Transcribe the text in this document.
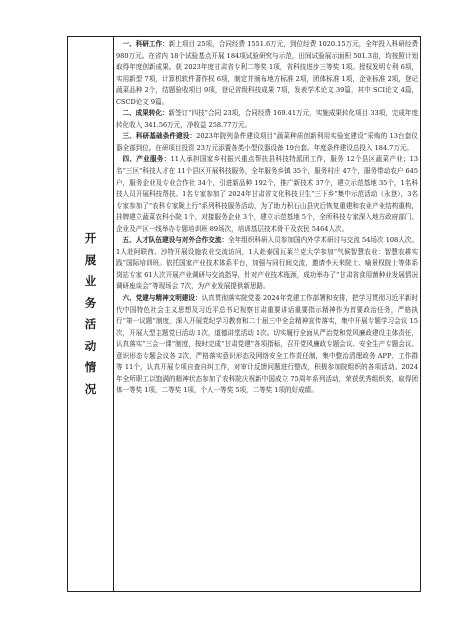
开
展
业
务
活
动
情
况

一、科研工作：新上项目 25项，合同经费 1551.6万元，到位经费 1020.15万元，全年投入科研经费 980万元。在省内 18个试验基点开展 184项试验研究与示范，田间试验展示面积 501.3亩，均按照计划取得年度创新成果。获 2023年度甘肃省专利二等奖 1项，省科技进步三等奖 1项。授权发明专利 6项，实用新型 7项，计算机软件著作权 6项，制定并颁布地方标准 2项，团体标准 1项，企业标准 2项，登记蔬菜品种 2个，结题验收项目 9项，登记省级科技成果 7项，发表学术论文 39篇，其中 SCI论文 4篇，CSCD论文 9篇。

二、成果转化：新签订“四技”合同 23项，合同经费 169.41万元，实施成果转化项目 33项，完成年度转化收入 341.56万元，净收益 258.77万元。

三、科研基础条件建设：2023年院列条件建设项目“蔬菜种质创新利用实验室建设”采购的 13台套仪器全部到位。在研项目投资 23万元添置各类小型仪器设备 19台套。年度条件建设总投入 184.7万元。

四、产业服务：11人承担国家乡村振兴重点帮扶县科技特派团工作，服务 12个县区蔬菜产业；13名“三区”科技人才在 11个县区开展科技服务，全年服务乡镇 35个，服务村庄 47个，服务带动农户 645户，服务企业及专业合作社 34个，引进新品种 192个，推广新技术 37个，建立示范基地 35个，1名科技人员开展科技帮扶。1名专家参加了 2024年甘肃省文化科技卫生“三下乡”集中示范活动（永登），3名专家参加了“农科专家陇上行”系列科技服务活动，为了助力积石山县灾后恢复重建和农业产业结构重构，挂牌建立蔬菜农科小院 1个，对接服务企业 3个，建立示范基地 5个，全所科技专家深入地方政府部门、企业及产区一线举办专题培训班 89场次，培训基层技术骨干及农民 5464人次。

五、人才队伍建设与对外合作交流：全年组织科研人员参加国内外学术研讨与交流 54场次 108人次。1人赴阿联酋、沙特开展设施农业交流访问，1人赴泰国瓦莱兰克大学参加“气候智慧农业：智慧农耕实践”国际培训班。依托国家产业技术体系平台，加强与同行间交流，邀请李天来院士、喻景权院士等体系岗站专家 61人次开展产业调研与交流指导，针对产业技术瓶颈，成功举办了“甘肃省食用菌种业发展情况调研座谈会”等现场会 7次，为产业发展提供新思路。

六、党建与精神文明建设：认真贯彻落实院党委 2024年党建工作部署和安排，把学习贯彻习近平新时代中国特色社会主义思想及习近平总书记视察甘肃重要讲话重要指示精神作为首要政治任务，严格执行“第一议题”制度，深入开展党纪学习教育和二十届三中全会精神宣传落实，集中开展专题学习会议 15次，开展大型主题党日活动 1次，道德讲堂活动 1次。切实履行全面从严治党和党风廉政建设主体责任，认真落实“三会一课”制度，按时完成“甘肃党建”各项指标，召开党风廉政专题会议、安全生产专题会议、意识形态专题会议各 2次，严格落实意识形态及网络安全工作责任制，集中整治清理政务 APP、工作群等 11个，认真开展专项自查自纠工作，对审计反馈问题进行整改，积极参加院组织的各项活动。2024年全所职工以饱满的精神状态参加了农科院庆祝新中国成立 75周年系列活动，荣获优秀组织奖，取得团体一等奖 1项，二等奖 1项，个人一等奖 5项，二等奖 1项的好成绩。
